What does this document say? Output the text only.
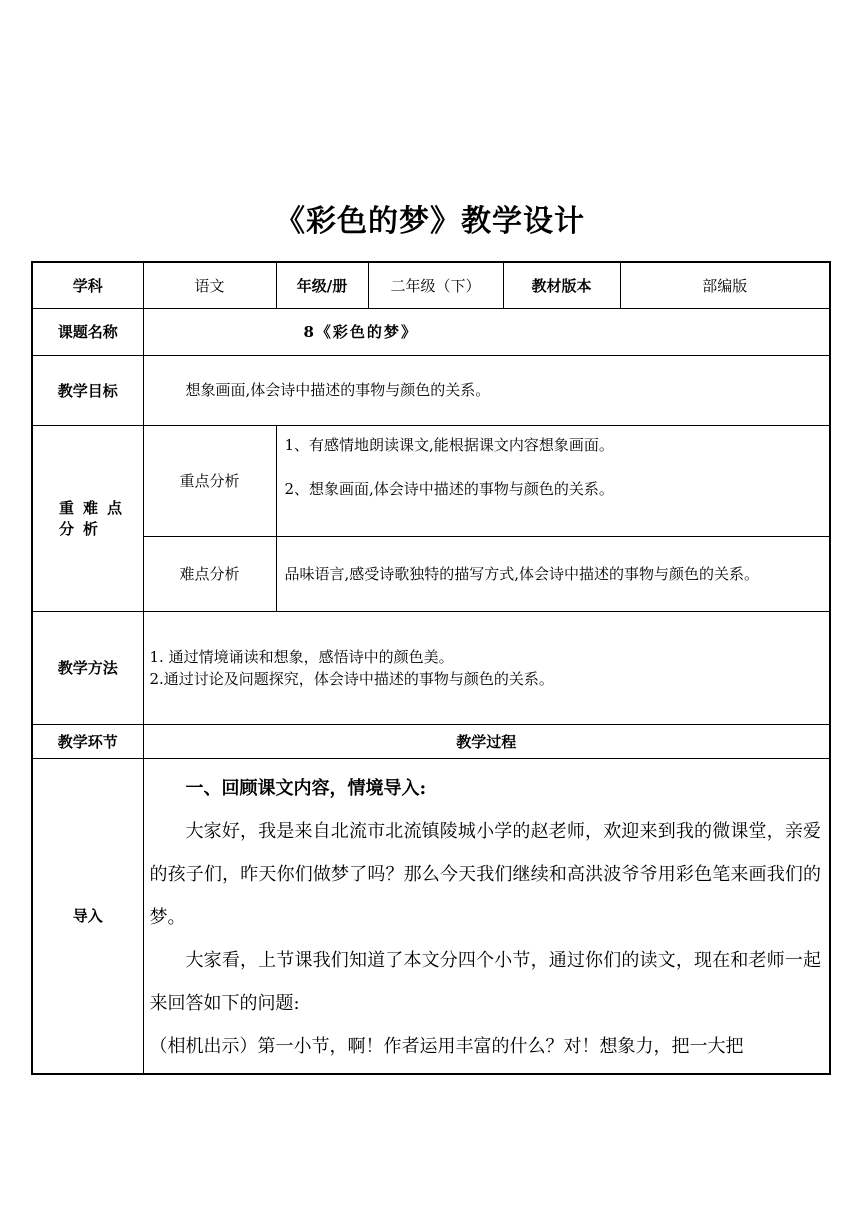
《彩色的梦》教学设计
学科	语文	年级/册	二年级（下）	教材版本	部编版
课题名称	8《彩色的梦》				
教学目标	想象画面,体会诗中描述的事物与颜色的关系。				

重难点分析	重点分析	1、有感情地朗读课文,能根据课文内容想象画面。
2、想象画面,体会诗中描述的事物与颜色的关系。			

	难点分析	品味语言,感受诗歌独特的描写方式,体会诗中描述的事物与颜色的关系。			
教学方法	1. 通过情境诵读和想象，感悟诗中的颜色美。
2.通过讨论及问题探究，体会诗中描述的事物与颜色的关系。				

教学环节	教学过程				
导入	一、回顾课文内容，情境导入:

大家好，我是来自北流市北流镇陵城小学的赵老师，欢迎来到我的微课堂，亲爱的孩子们，昨天你们做梦了吗？那么今天我们继续和高洪波爷爷用彩色笔来画我们的梦。

大家看，上节课我们知道了本文分四个小节，通过你们的读文，现在和老师一起来回答如下的问题:

（相机出示）第一小节，啊！作者运用丰富的什么？对！想象力，把一大把				
